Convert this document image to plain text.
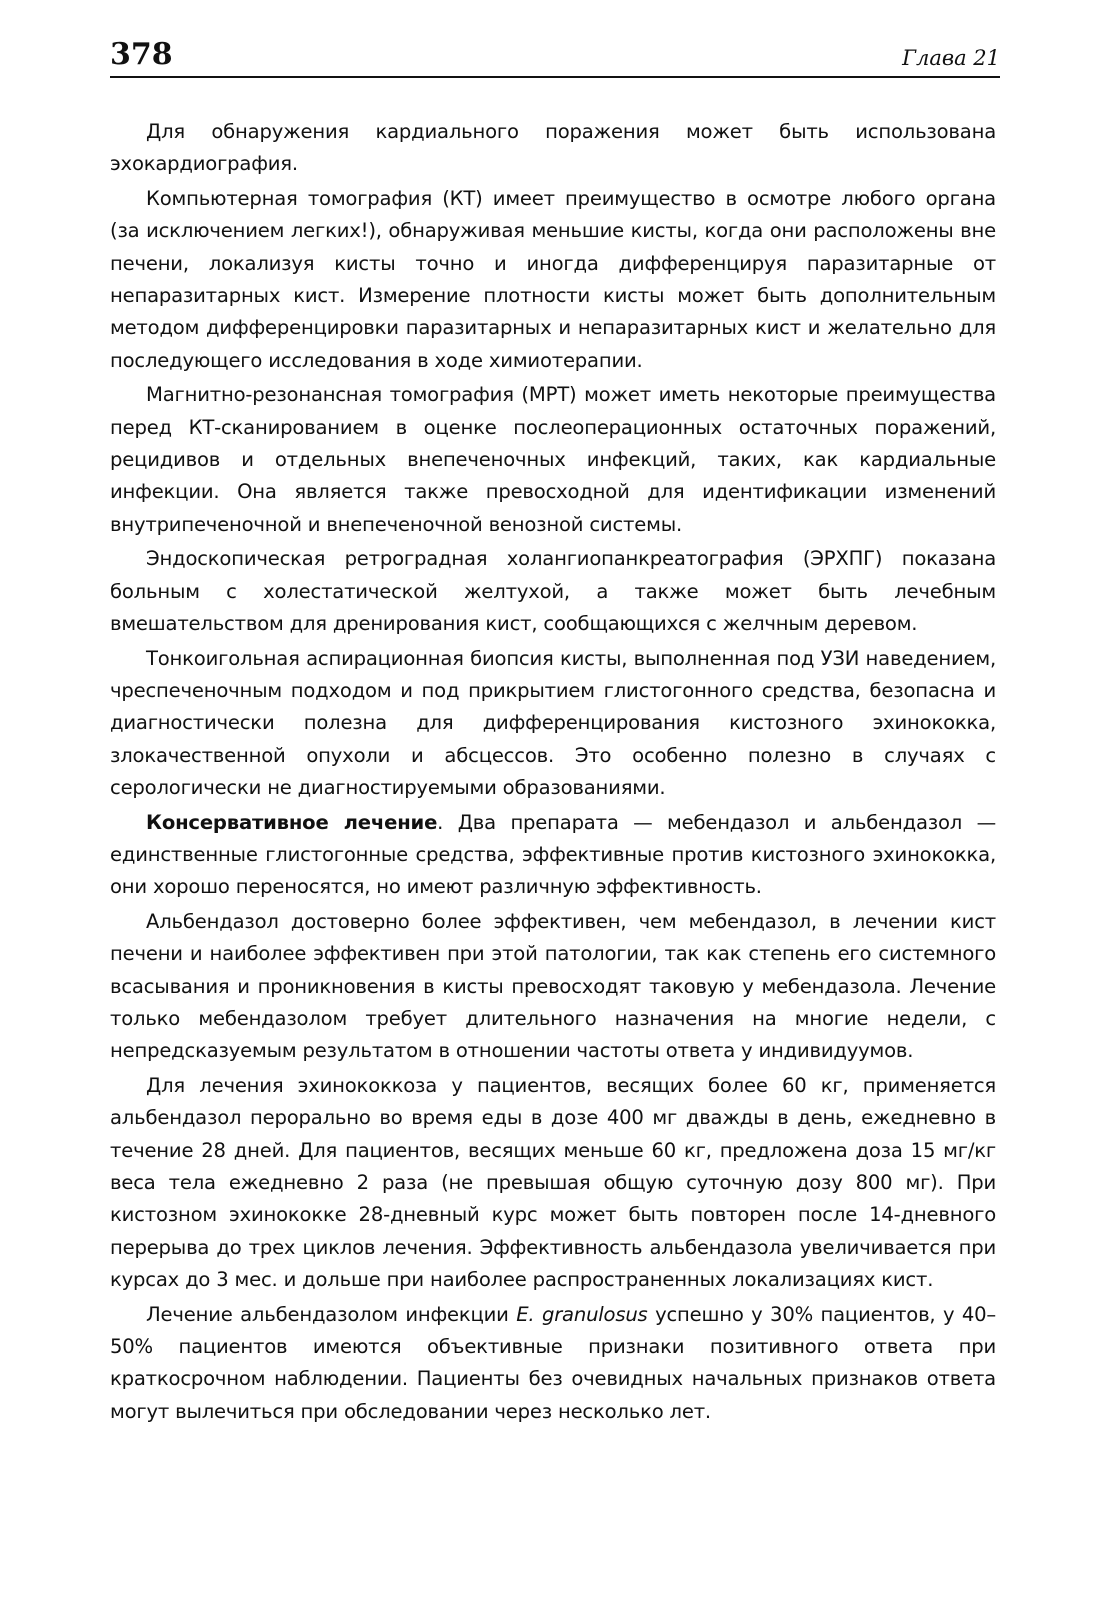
378	Глава 21

Для обнаружения кардиального поражения может быть использована эхокардиография.

Компьютерная томография (КТ) имеет преимущество в осмотре любого органа (за исключением легких!), обнаруживая меньшие кисты, когда они расположены вне печени, локализуя кисты точно и иногда дифференцируя паразитарные от непаразитарных кист. Измерение плотности кисты может быть дополнительным методом дифференцировки паразитарных и непаразитарных кист и желательно для последующего исследования в ходе химиотерапии.

Магнитно-резонансная томография (МРТ) может иметь некоторые преимущества перед КТ-сканированием в оценке послеоперационных остаточных поражений, рецидивов и отдельных внепеченочных инфекций, таких, как кардиальные инфекции. Она является также превосходной для идентификации изменений внутрипеченочной и внепеченочной венозной системы.

Эндоскопическая ретроградная холангиопанкреатография (ЭРХПГ) показана больным с холестатической желтухой, а также может быть лечебным вмешательством для дренирования кист, сообщающихся с желчным деревом.

Тонкоигольная аспирационная биопсия кисты, выполненная под УЗИ наведением, чреспеченочным подходом и под прикрытием глистогонного средства, безопасна и диагностически полезна для дифференцирования кистозного эхинококка, злокачественной опухоли и абсцессов. Это особенно полезно в случаях с серологически не диагностируемыми образованиями.

Консервативное лечение. Два препарата — мебендазол и альбендазол — единственные глистогонные средства, эффективные против кистозного эхинококка, они хорошо переносятся, но имеют различную эффективность.

Альбендазол достоверно более эффективен, чем мебендазол, в лечении кист печени и наиболее эффективен при этой патологии, так как степень его системного всасывания и проникновения в кисты превосходят таковую у мебендазола. Лечение только мебендазолом требует длительного назначения на многие недели, с непредсказуемым результатом в отношении частоты ответа у индивидуумов.

Для лечения эхинококкоза у пациентов, весящих более 60 кг, применяется альбендазол перорально во время еды в дозе 400 мг дважды в день, ежедневно в течение 28 дней. Для пациентов, весящих меньше 60 кг, предложена доза 15 мг/кг веса тела ежедневно 2 раза (не превышая общую суточную дозу 800 мг). При кистозном эхинококке 28-дневный курс может быть повторен после 14-дневного перерыва до трех циклов лечения. Эффективность альбендазола увеличивается при курсах до 3 мес. и дольше при наиболее распространенных локализациях кист.

Лечение альбендазолом инфекции E. granulosus успешно у 30% пациентов, у 40–50% пациентов имеются объективные признаки позитивного ответа при краткосрочном наблюдении. Пациенты без очевидных начальных признаков ответа могут вылечиться при обследовании через несколько лет.
